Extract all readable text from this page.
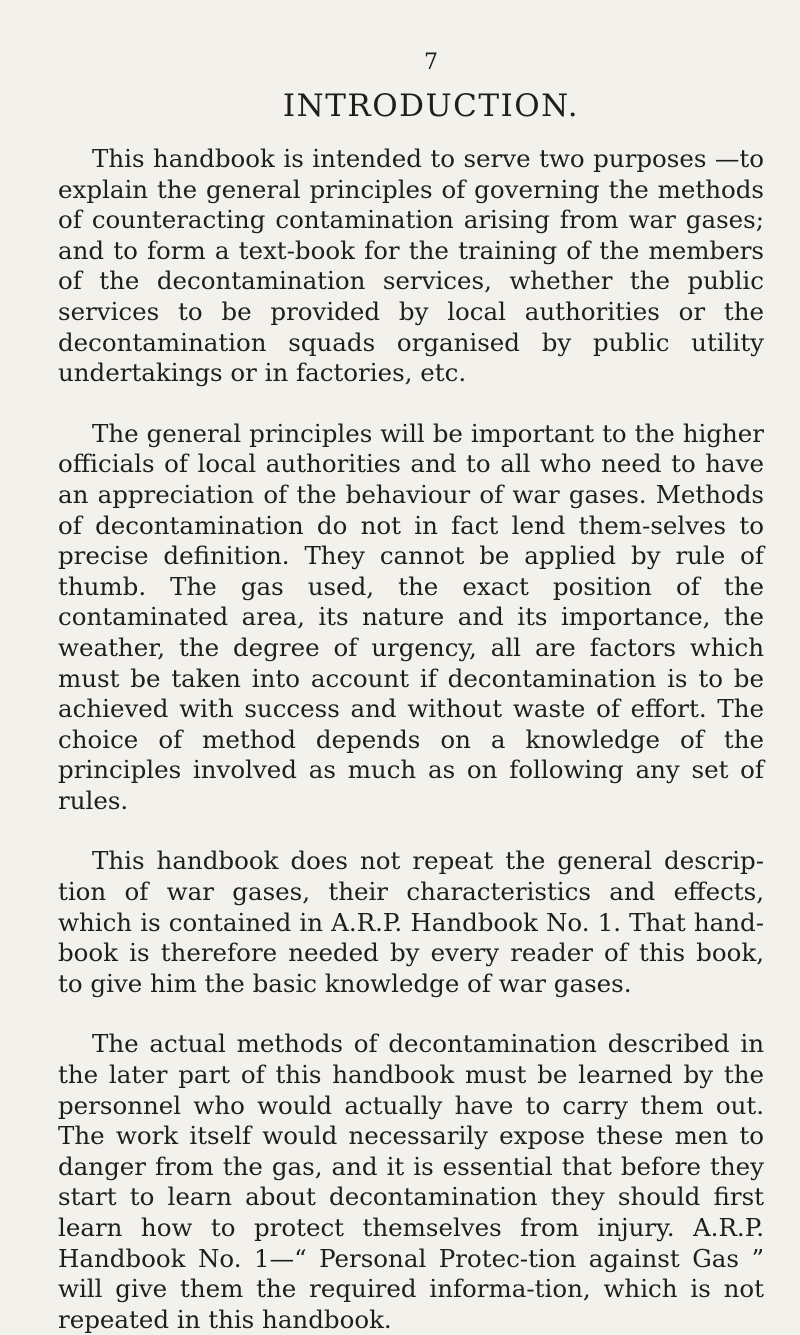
7
INTRODUCTION.

This handbook is intended to serve two purposes —to explain the general principles of governing the methods of counteracting contamination arising from war gases; and to form a text-book for the training of the members of the decontamination services, whether the public services to be provided by local authorities or the decontamination squads organised by public utility undertakings or in factories, etc.

The general principles will be important to the higher officials of local authorities and to all who need to have an appreciation of the behaviour of war gases. Methods of decontamination do not in fact lend them-selves to precise definition. They cannot be applied by rule of thumb. The gas used, the exact position of the contaminated area, its nature and its importance, the weather, the degree of urgency, all are factors which must be taken into account if decontamination is to be achieved with success and without waste of effort. The choice of method depends on a knowledge of the principles involved as much as on following any set of rules.

This handbook does not repeat the general descrip-tion of war gases, their characteristics and effects, which is contained in A.R.P. Handbook No. 1. That hand-book is therefore needed by every reader of this book, to give him the basic knowledge of war gases.

The actual methods of decontamination described in the later part of this handbook must be learned by the personnel who would actually have to carry them out. The work itself would necessarily expose these men to danger from the gas, and it is essential that before they start to learn about decontamination they should first learn how to protect themselves from injury. A.R.P. Handbook No. 1—“ Personal Protec-tion against Gas ” will give them the required informa-tion, which is not repeated in this handbook.
